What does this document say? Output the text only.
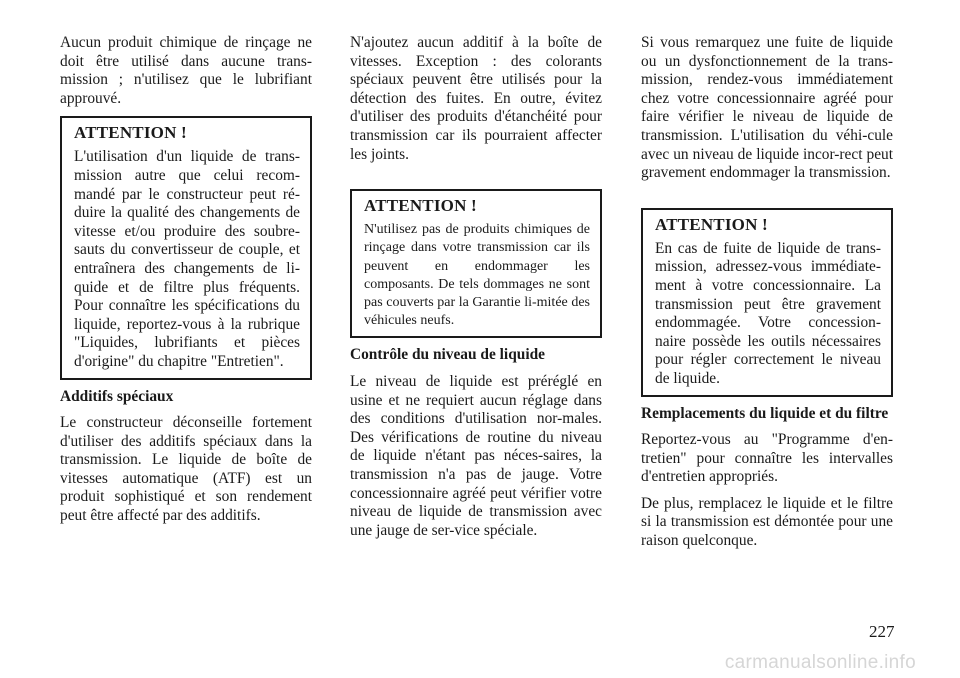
Aucun produit chimique de rinçage ne doit être utilisé dans aucune trans-mission ; n'utilisez que le lubrifiant approuvé.

ATTENTION !

L'utilisation d'un liquide de trans-mission autre que celui recom-mandé par le constructeur peut ré-duire la qualité des changements de vitesse et/ou produire des soubre-sauts du convertisseur de couple, et entraînera des changements de li-quide et de filtre plus fréquents. Pour connaître les spécifications du liquide, reportez-vous à la rubrique "Liquides, lubrifiants et pièces d'origine" du chapitre "Entretien".

Additifs spéciaux

Le constructeur déconseille fortement d'utiliser des additifs spéciaux dans la transmission. Le liquide de boîte de vitesses automatique (ATF) est un produit sophistiqué et son rendement peut être affecté par des additifs.

N'ajoutez aucun additif à la boîte de vitesses. Exception : des colorants spéciaux peuvent être utilisés pour la détection des fuites. En outre, évitez d'utiliser des produits d'étanchéité pour transmission car ils pourraient affecter les joints.

ATTENTION !

N'utilisez pas de produits chimiques de rinçage dans votre transmission car ils peuvent en endommager les composants. De tels dommages ne sont pas couverts par la Garantie li-mitée des véhicules neufs.

Contrôle du niveau de liquide

Le niveau de liquide est préréglé en usine et ne requiert aucun réglage dans des conditions d'utilisation nor-males. Des vérifications de routine du niveau de liquide n'étant pas néces-saires, la transmission n'a pas de jauge. Votre concessionnaire agréé peut vérifier votre niveau de liquide de transmission avec une jauge de ser-vice spéciale.

Si vous remarquez une fuite de liquide ou un dysfonctionnement de la trans-mission, rendez-vous immédiatement chez votre concessionnaire agréé pour faire vérifier le niveau de liquide de transmission. L'utilisation du véhi-cule avec un niveau de liquide incor-rect peut gravement endommager la transmission.

ATTENTION !

En cas de fuite de liquide de trans-mission, adressez-vous immédiate-ment à votre concessionnaire. La transmission peut être gravement endommagée. Votre concession-naire possède les outils nécessaires pour régler correctement le niveau de liquide.

Remplacements du liquide et du filtre

Reportez-vous au "Programme d'en-tretien" pour connaître les intervalles d'entretien appropriés.

De plus, remplacez le liquide et le filtre si la transmission est démontée pour une raison quelconque.

227
carmanualsonline.info
